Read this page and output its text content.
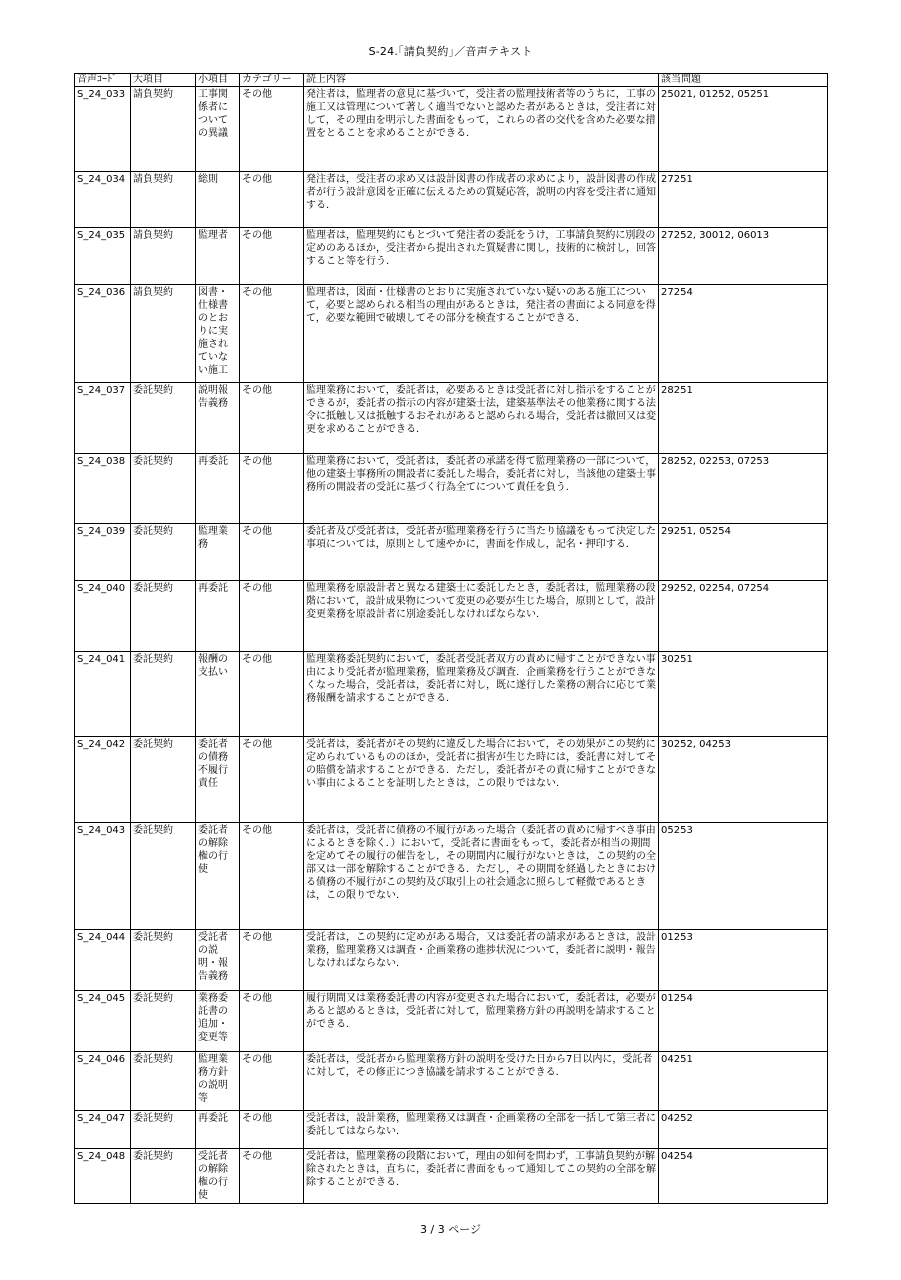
S-24.｢請負契約｣／音声テキスト
音声ｺｰﾄﾞ	大項目	小項目	カテゴリー	読上内容	該当問題
S_24_033	請負契約	工事関係者についての異議	その他	発注者は，監理者の意見に基づいて，受注者の監理技術者等のうちに，工事の施工又は管理について著しく適当でないと認めた者があるときは，受注者に対して，その理由を明示した書面をもって，これらの者の交代を含めた必要な措置をとることを求めることができる．	25021, 01252, 05251
S_24_034	請負契約	総則	その他	発注者は，受注者の求め又は設計図書の作成者の求めにより，設計図書の作成者が行う設計意図を正確に伝えるための質疑応答，説明の内容を受注者に通知する．	27251
S_24_035	請負契約	監理者	その他	監理者は，監理契約にもとづいて発注者の委託をうけ，工事請負契約に別段の定めのあるほか，受注者から提出された質疑書に関し，技術的に検討し，回答すること等を行う．	27252, 30012, 06013
S_24_036	請負契約	図書・仕様書のとおりに実施されていない施工	その他	監理者は，図面・仕様書のとおりに実施されていない疑いのある施工について，必要と認められる相当の理由があるときは，発注者の書面による同意を得て，必要な範囲で破壊してその部分を検査することができる．	27254
S_24_037	委託契約	説明報告義務	その他	監理業務において，委託者は，必要あるときは受託者に対し指示をすることができるが，委託者の指示の内容が建築士法，建築基準法その他業務に関する法令に抵触し又は抵触するおそれがあると認められる場合，受託者は撤回又は変更を求めることができる．	28251
S_24_038	委託契約	再委託	その他	監理業務において，受託者は，委託者の承諾を得て監理業務の一部について，他の建築士事務所の開設者に委託した場合，委託者に対し，当該他の建築士事務所の開設者の受託に基づく行為全てについて責任を負う．	28252, 02253, 07253
S_24_039	委託契約	監理業務	その他	委託者及び受託者は，受託者が監理業務を行うに当たり協議をもって決定した事項については，原則として速やかに，書面を作成し，記名・押印する．	29251, 05254
S_24_040	委託契約	再委託	その他	監理業務を原設計者と異なる建築士に委託したとき，委託者は，監理業務の段階において，設計成果物について変更の必要が生じた場合，原則として，設計変更業務を原設計者に別途委託しなければならない．	29252, 02254, 07254
S_24_041	委託契約	報酬の支払い	その他	監理業務委託契約において，委託者受託者双方の責めに帰すことができない事由により受託者が監理業務，監理業務及び調査．企画業務を行うことができなくなった場合，受託者は，委託者に対し，既に遂行した業務の割合に応じて業務報酬を請求することができる．	30251
S_24_042	委託契約	委託者の債務不履行責任	その他	受託者は，委託者がその契約に違反した場合において，その効果がこの契約に定められているもののほか，受託者に損害が生じた時には，委託書に対してその賠償を請求することができる．ただし，委託者がその責に帰すことができない事由によることを証明したときは，この限りではない．	30252, 04253
S_24_043	委託契約	委託者の解除権の行使	その他	委託者は，受託者に債務の不履行があった場合（委託者の責めに帰すべき事由によるときを除く．）において，受託者に書面をもって，委託者が相当の期間を定めてその履行の催告をし，その期間内に履行がないときは，この契約の全部又は一部を解除することができる．ただし，その期間を経過したときにおける債務の不履行がこの契約及び取引上の社会通念に照らして軽微であるときは，この限りでない．	05253
S_24_044	委託契約	受託者の説明・報告義務	その他	受託者は，この契約に定めがある場合，又は委託者の請求があるときは，設計業務，監理業務又は調査・企画業務の進捗状況について，委託者に説明・報告しなければならない．	01253
S_24_045	委託契約	業務委託書の追加・変更等	その他	履行期間又は業務委託書の内容が変更された場合において，委託者は，必要があると認めるときは，受託者に対して，監理業務方針の再説明を請求することができる．	01254
S_24_046	委託契約	監理業務方針の説明等	その他	委託者は，受託者から監理業務方針の説明を受けた日から7日以内に，受託者に対して，その修正につき協議を請求することができる．	04251
S_24_047	委託契約	再委託	その他	受託者は，設計業務，監理業務又は調査・企画業務の全部を一括して第三者に委託してはならない．	04252
S_24_048	委託契約	受託者の解除権の行使	その他	受託者は，監理業務の段階において，理由の如何を問わず，工事請負契約が解除されたときは，直ちに，委託者に書面をもって通知してこの契約の全部を解除することができる．	04254
3 / 3 ページ
